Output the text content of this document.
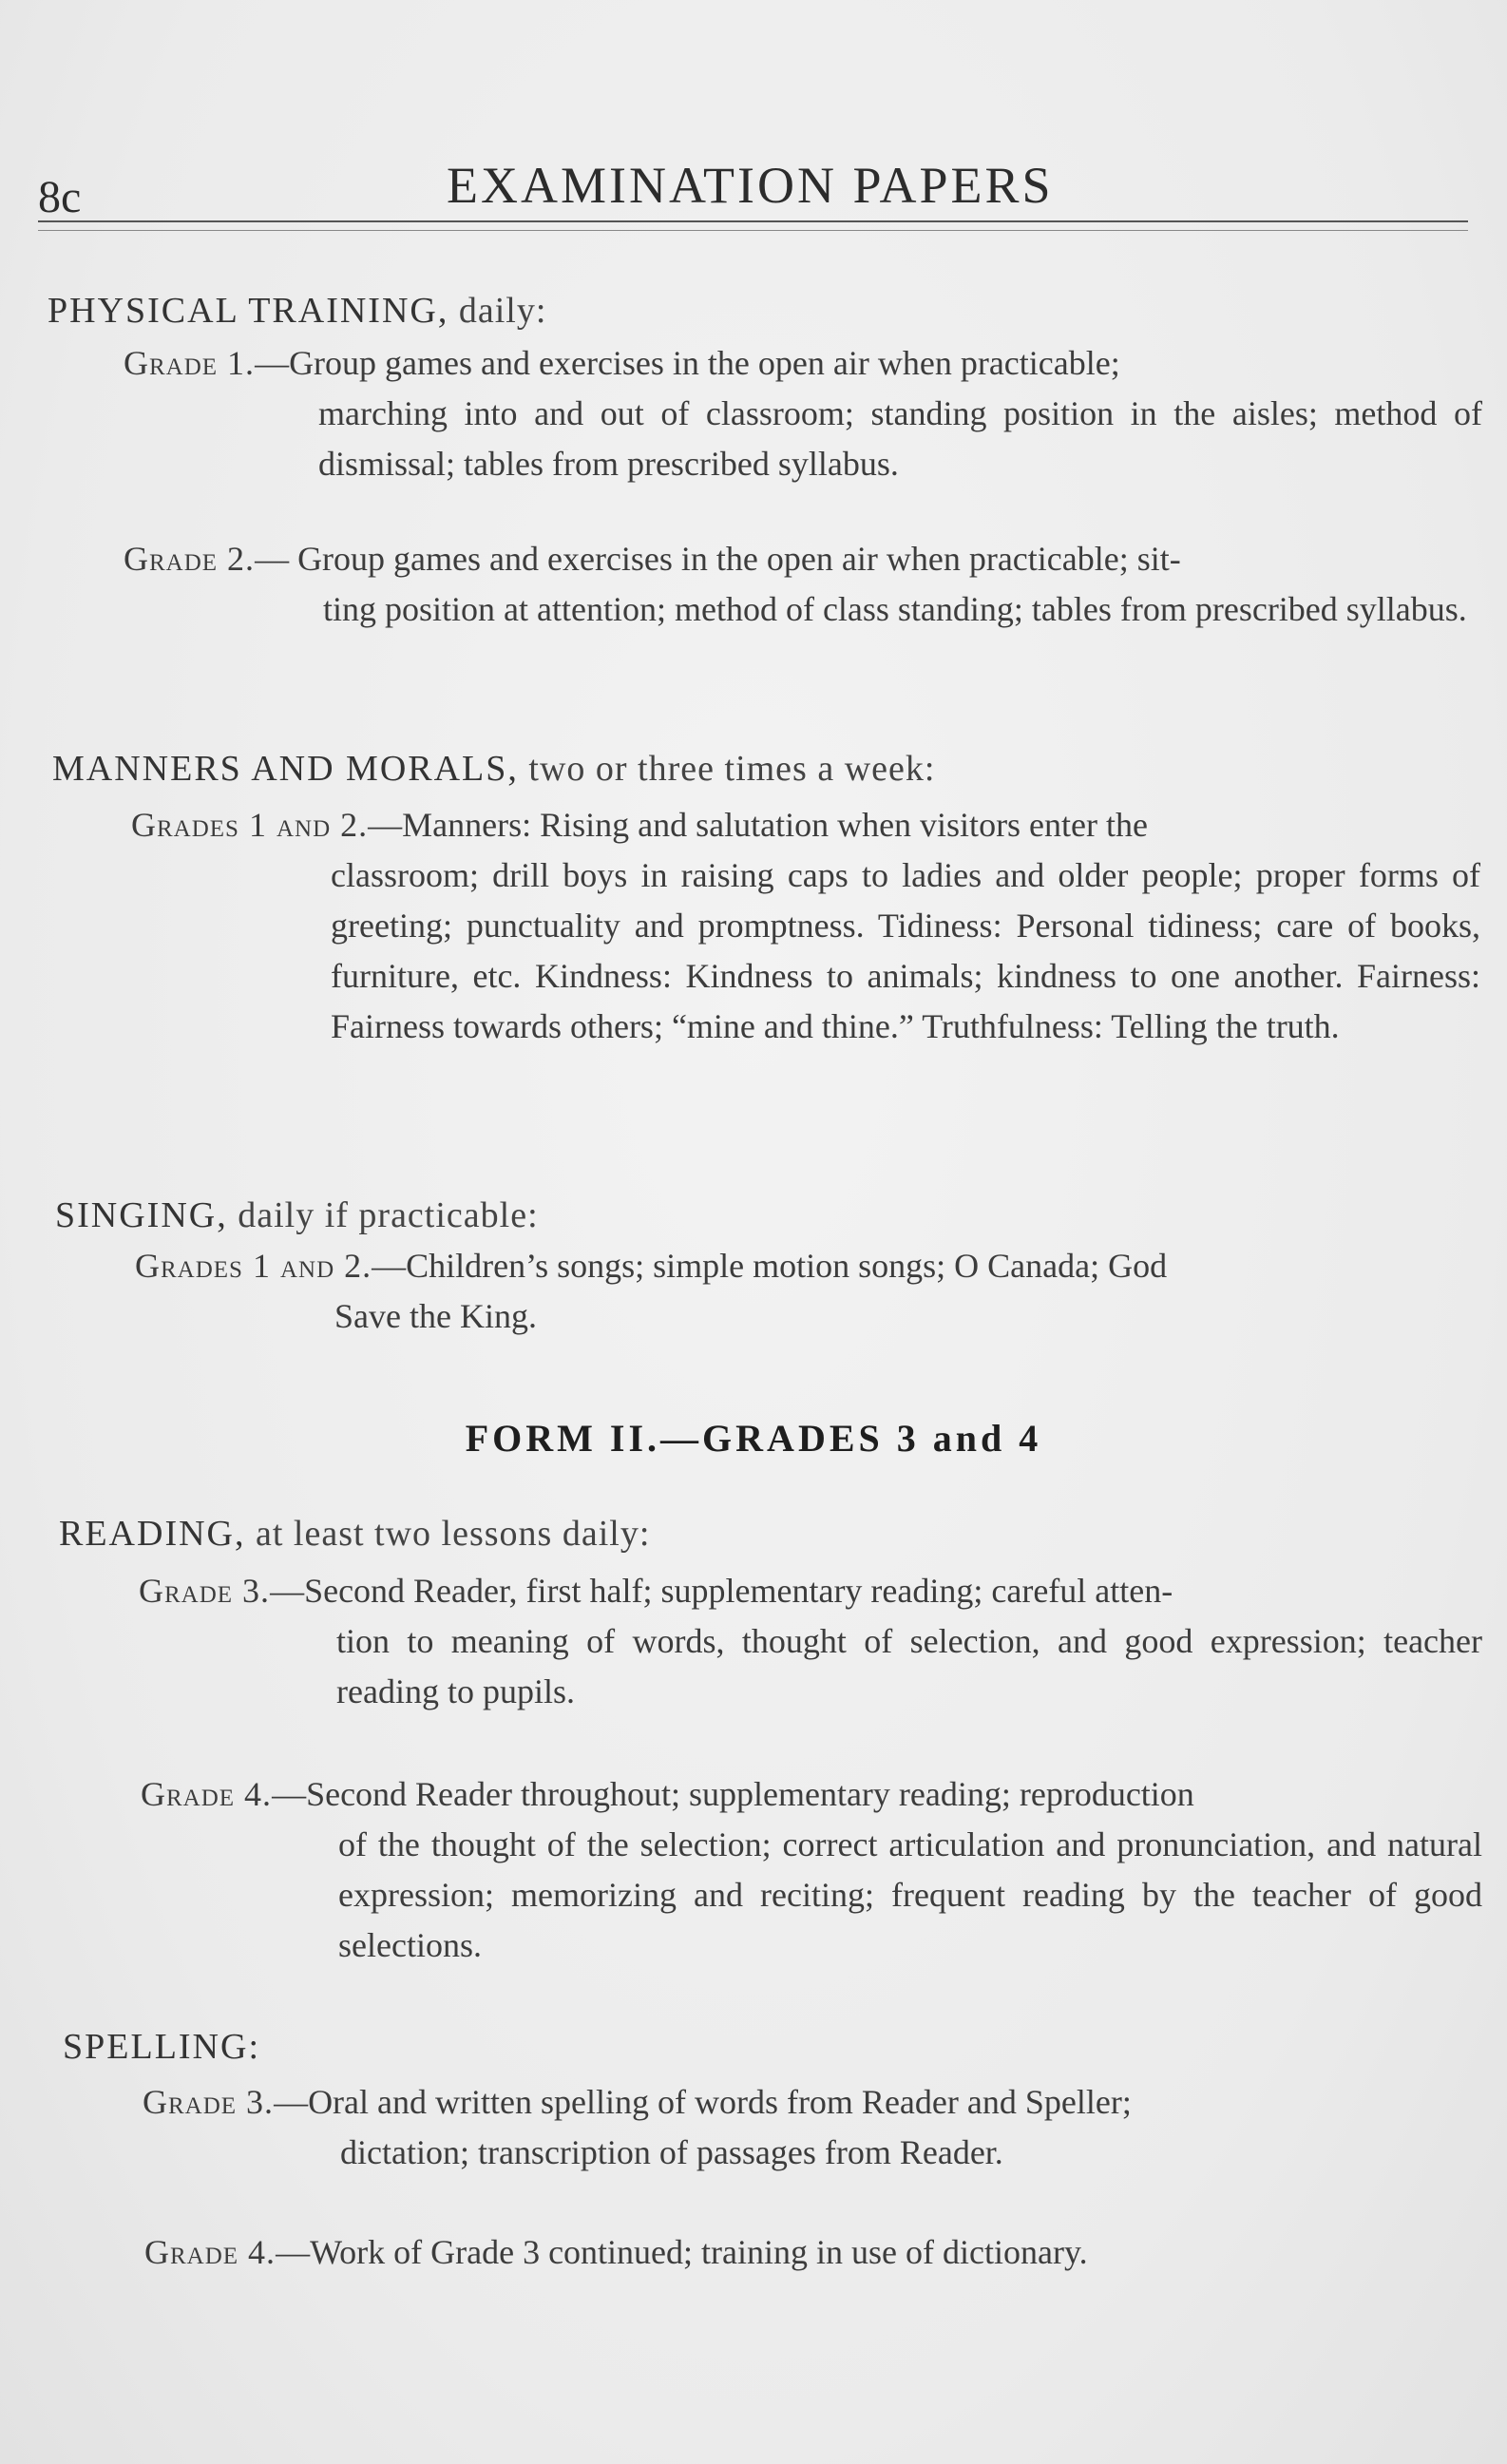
8c	EXAMINATION PAPERS
PHYSICAL TRAINING, daily:
Grade 1.—Group games and exercises in the open air when practicable;
marching into and out of classroom; standing position in the aisles; method of dismissal; tables from prescribed syllabus.
Grade 2.— Group games and exercises in the open air when practicable; sit-
ting position at attention; method of class standing; tables from prescribed syllabus.
MANNERS AND MORALS, two or three times a week:
Grades 1 and 2.—Manners: Rising and salutation when visitors enter the
classroom; drill boys in raising caps to ladies and older people; proper forms of greeting; punctuality and promptness. Tidiness: Personal tidiness; care of books, furniture, etc. Kindness: Kindness to animals; kindness to one another. Fairness: Fairness towards others; “mine and thine.” Truthfulness: Telling the truth.
SINGING, daily if practicable:
Grades 1 and 2.—Children’s songs; simple motion songs; O Canada; God
Save the King.
FORM II.—GRADES 3 and 4
READING, at least two lessons daily:
Grade 3.—Second Reader, first half; supplementary reading; careful atten-
tion to meaning of words, thought of selection, and good expression; teacher reading to pupils.
Grade 4.—Second Reader throughout; supplementary reading; reproduction
of the thought of the selection; correct articulation and pronunciation, and natural expression; memorizing and reciting; frequent reading by the teacher of good selections.
SPELLING:
Grade 3.—Oral and written spelling of words from Reader and Speller;
dictation; transcription of passages from Reader.
Grade 4.—Work of Grade 3 continued; training in use of dictionary.
